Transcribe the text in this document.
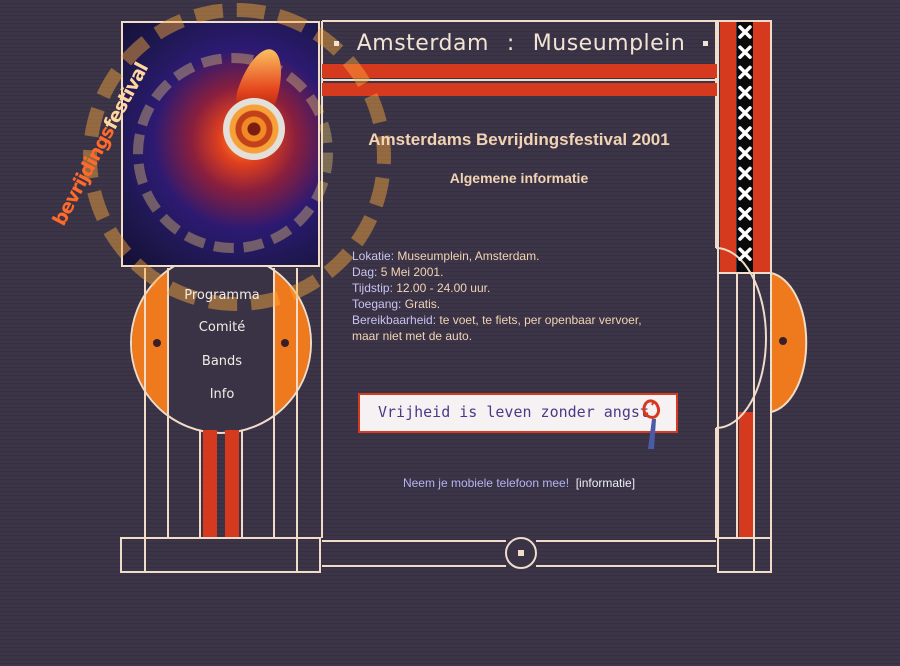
bevrijdingsfestival
Amsterdam : Museumplein
Programma
Comité
Bands
Info
Amsterdams Bevrijdingsfestival 2001
Algemene informatie
Lokatie: Museumplein, Amsterdam.
Dag: 5 Mei 2001.
Tijdstip: 12.00 - 24.00 uur.
Toegang: Gratis.
Bereikbaarheid: te voet, te fiets, per openbaar vervoer,
maar niet met de auto.
Vrijheid is leven zonder angst
Neem je mobiele telefoon mee! [informatie]
